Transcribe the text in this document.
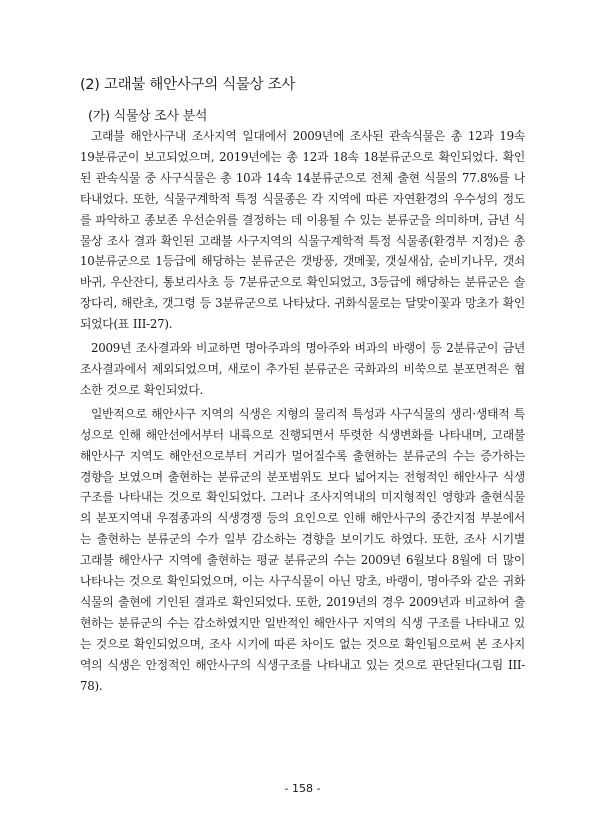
(2) 고래불 해안사구의 식물상 조사
(가) 식물상 조사 분석

고래불 해안사구내 조사지역 일대에서 2009년에 조사된 관속식물은 총 12과 19속 19분류군이 보고되었으며, 2019년에는 총 12과 18속 18분류군으로 확인되었다. 확인된 관속식물 중 사구식물은 총 10과 14속 14분류군으로 전체 출현 식물의 77.8%를 나타내었다. 또한, 식물구계학적 특정 식물종은 각 지역에 따른 자연환경의 우수성의 정도를 파악하고 종보존 우선순위를 결정하는 데 이용될 수 있는 분류군을 의미하며, 금년 식물상 조사 결과 확인된 고래불 사구지역의 식물구계학적 특정 식물종(환경부 지정)은 총 10분류군으로 1등급에 해당하는 분류군은 갯방풍, 갯메꽃, 갯실새삼, 순비기나무, 갯쇠바귀, 우산잔디, 통보리사초 등 7분류군으로 확인되었고, 3등급에 해당하는 분류군은 솔장다리, 해란초, 갯그령 등 3분류군으로 나타났다. 귀화식물로는 달맞이꽃과 망초가 확인되었다(표 III-27).

2009년 조사결과와 비교하면 명아주과의 명아주와 벼과의 바랭이 등 2분류군이 금년 조사결과에서 제외되었으며, 새로이 추가된 분류군은 국화과의 비쑥으로 분포면적은 협소한 것으로 확인되었다.

일반적으로 해안사구 지역의 식생은 지형의 물리적 특성과 사구식물의 생리·생태적 특성으로 인해 해안선에서부터 내륙으로 진행되면서 뚜렷한 식생변화를 나타내며, 고래불 해안사구 지역도 해안선으로부터 거리가 멀어질수록 출현하는 분류군의 수는 증가하는 경향을 보였으며 출현하는 분류군의 분포범위도 보다 넓어지는 전형적인 해안사구 식생구조를 나타내는 것으로 확인되었다. 그러나 조사지역내의 미지형적인 영향과 출현식물의 분포지역내 우점종과의 식생경쟁 등의 요인으로 인해 해안사구의 중간지점 부분에서는 출현하는 분류군의 수가 일부 감소하는 경향을 보이기도 하였다. 또한, 조사 시기별 고래불 해안사구 지역에 출현하는 평균 분류군의 수는 2009년 6월보다 8월에 더 많이 나타나는 것으로 확인되었으며, 이는 사구식물이 아닌 망초, 바랭이, 명아주와 같은 귀화식물의 출현에 기인된 결과로 확인되었다. 또한, 2019년의 경우 2009년과 비교하여 출현하는 분류군의 수는 감소하였지만 일반적인 해안사구 지역의 식생 구조를 나타내고 있는 것으로 확인되었으며, 조사 시기에 따른 차이도 없는 것으로 확인됨으로써 본 조사지역의 식생은 안정적인 해안사구의 식생구조를 나타내고 있는 것으로 판단된다(그림 III-78).

- 158 -
